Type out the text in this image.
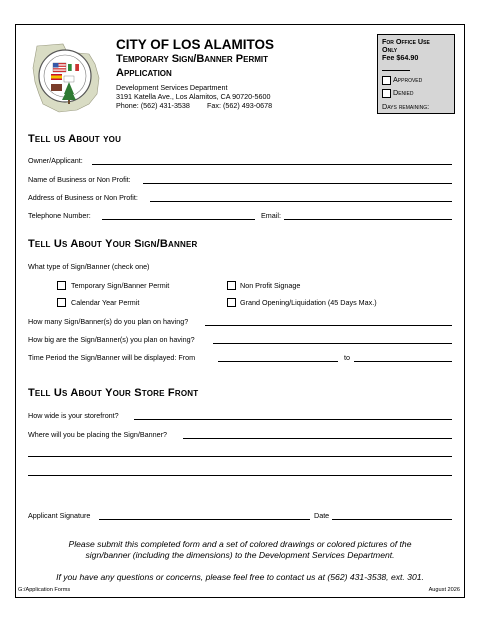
CITY OF LOS ALAMITOS
Temporary Sign/Banner Permit
Application
Development Services Department
3191 Katella Ave., Los Alamitos, CA 90720-5600
Phone: (562) 431-3538 Fax: (562) 493-0678
For Office Use
Only
Fee $64.90
Approved
Denied
Days remaining:
Tell us About you
Owner/Applicant:
Name of Business or Non Profit:
Address of Business or Non Profit:
Telephone Number:	Email:
Tell Us About Your Sign/Banner
What type of Sign/Banner (check one)
Temporary Sign/Banner Permit	Non Profit Signage
Calendar Year Permit	Grand Opening/Liquidation (45 Days Max.)
How many Sign/Banner(s) do you plan on having?
How big are the Sign/Banner(s) you plan on having?
Time Period the Sign/Banner will be displayed: From	to
Tell Us About Your Store Front
How wide is your storefront?
Where will you be placing the Sign/Banner?
Applicant Signature	Date
Please submit this completed form and a set of colored drawings or colored pictures of the
sign/banner (including the dimensions) to the Development Services Department.
If you have any questions or concerns, please feel free to contact us at (562) 431-3538, ext. 301.
G:/Application Forms	August 2026
